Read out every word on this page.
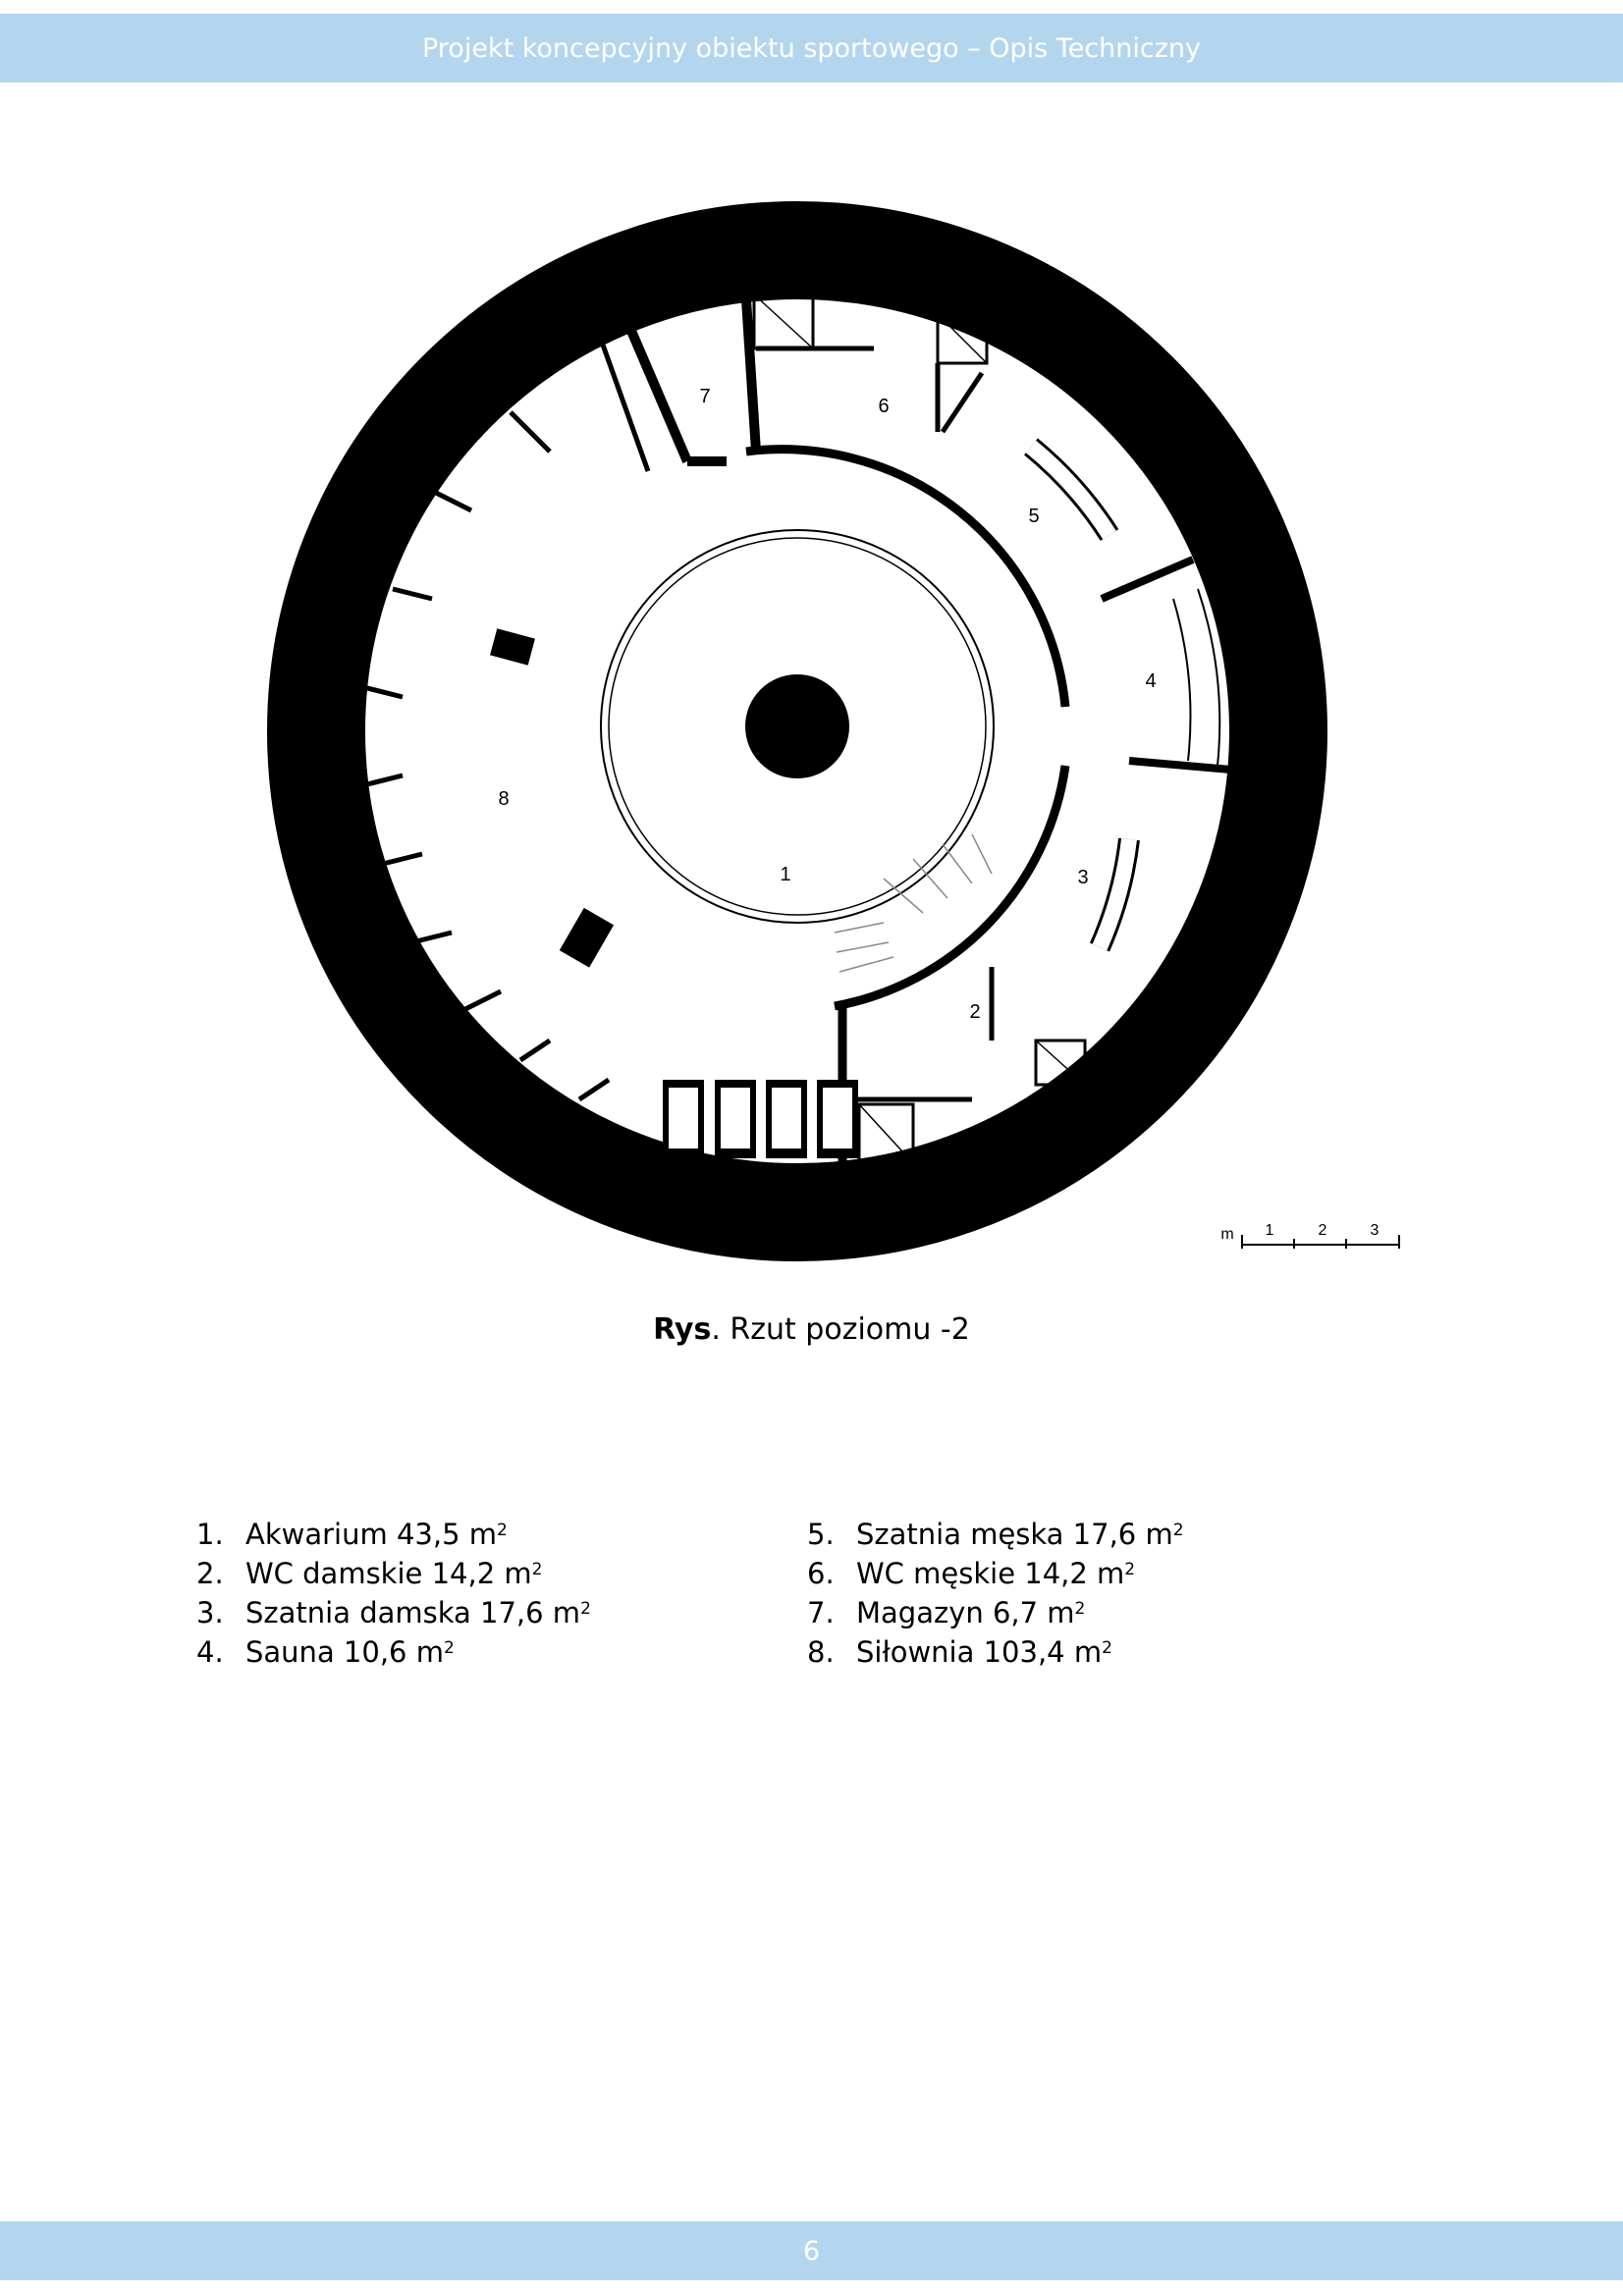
Projekt koncepcyjny obiektu sportowego – Opis Techniczny
1
2
3
4
5
6
7
8
m 1	2	3
Rys. Rzut poziomu -2
1. Akwarium 43,5 $m^2$
2. WC damskie 14,2 $m^2$
3. Szatnia damska 17,6 $m^2$
4. Sauna 10,6 $m^2$
5. Szatnia męska 17,6 $m^2$
6. WC męskie 14,2 $m^2$
7. Magazyn 6,7 $m^2$
8. Siłownia 103,4 $m^2$
6
